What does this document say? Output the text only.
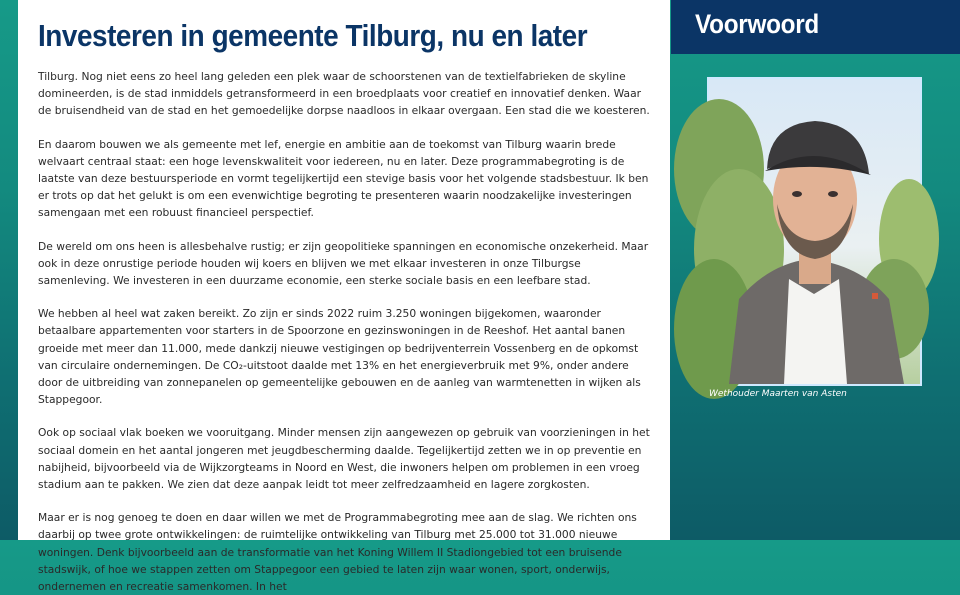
Investeren in gemeente Tilburg, nu en later

Tilburg. Nog niet eens zo heel lang geleden een plek waar de schoorstenen van de textielfabrieken de skyline domineerden, is de stad inmiddels getransformeerd in een broedplaats voor creatief en innovatief denken. Waar de bruisendheid van de stad en het gemoedelijke dorpse naadloos in elkaar overgaan. Een stad die we koesteren.

En daarom bouwen we als gemeente met lef, energie en ambitie aan de toekomst van Tilburg waarin brede welvaart centraal staat: een hoge levenskwaliteit voor iedereen, nu en later. Deze programmabegroting is de laatste van deze bestuursperiode en vormt tegelijkertijd een stevige basis voor het volgende stadsbestuur. Ik ben er trots op dat het gelukt is om een evenwichtige begroting te presenteren waarin noodzakelijke investeringen samengaan met een robuust financieel perspectief.

De wereld om ons heen is allesbehalve rustig; er zijn geopolitieke spanningen en economische onzekerheid. Maar ook in deze onrustige periode houden wij koers en blijven we met elkaar investeren in onze Tilburgse samenleving. We investeren in een duurzame economie, een sterke sociale basis en een leefbare stad.

We hebben al heel wat zaken bereikt. Zo zijn er sinds 2022 ruim 3.250 woningen bijgekomen, waaronder betaalbare appartementen voor starters in de Spoorzone en gezinswoningen in de Reeshof. Het aantal banen groeide met meer dan 11.000, mede dankzij nieuwe vestigingen op bedrijventerrein Vossenberg en de opkomst van circulaire ondernemingen. De CO₂-uitstoot daalde met 13% en het energieverbruik met 9%, onder andere door de uitbreiding van zonnepanelen op gemeentelijke gebouwen en de aanleg van warmtenetten in wijken als Stappegoor.

Ook op sociaal vlak boeken we vooruitgang. Minder mensen zijn aangewezen op gebruik van voorzieningen in het sociaal domein en het aantal jongeren met jeugdbescherming daalde. Tegelijkertijd zetten we in op preventie en nabijheid, bijvoorbeeld via de Wijkzorgteams in Noord en West, die inwoners helpen om problemen in een vroeg stadium aan te pakken. We zien dat deze aanpak leidt tot meer zelfredzaamheid en lagere zorgkosten.

Maar er is nog genoeg te doen en daar willen we met de Programmabegroting mee aan de slag. We richten ons daarbij op twee grote ontwikkelingen: de ruimtelijke ontwikkeling van Tilburg met 25.000 tot 31.000 nieuwe woningen. Denk bijvoorbeeld aan de transformatie van het Koning Willem II Stadiongebied tot een bruisende stadswijk, of hoe we stappen zetten om Stappegoor een gebied te laten zijn waar wonen, sport, onderwijs, ondernemen en recreatie samenkomen. In het

Voorwoord
Wethouder Maarten van Asten
